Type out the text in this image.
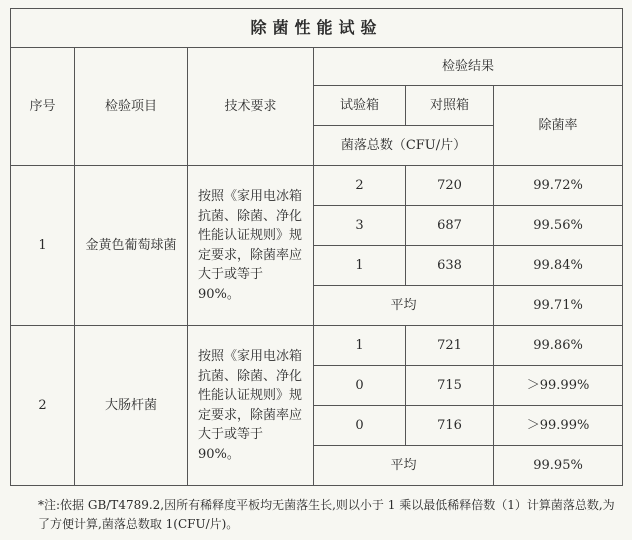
除菌性能试验					
序号	检验项目	技术要求	检验结果		
			试验箱	对照箱	除菌率
			菌落总数（CFU/片）		
1	金黄色葡萄球菌	按照《家用电冰箱抗菌、除菌、净化性能认证规则》规定要求，除菌率应大于或等于 90%。	2	720	99.72%
			3	687	99.56%
			1	638	99.84%
			平均		99.71%
2	大肠杆菌	按照《家用电冰箱抗菌、除菌、净化性能认证规则》规定要求，除菌率应大于或等于 90%。	1	721	99.86%
			0	715	＞99.99%
			0	716	＞99.99%
			平均		99.95%
*注:依据 GB/T4789.2,因所有稀释度平板均无菌落生长,则以小于 1 乘以最低稀释倍数（1）计算菌落总数,为了方便计算,菌落总数取 1(CFU/片)。
